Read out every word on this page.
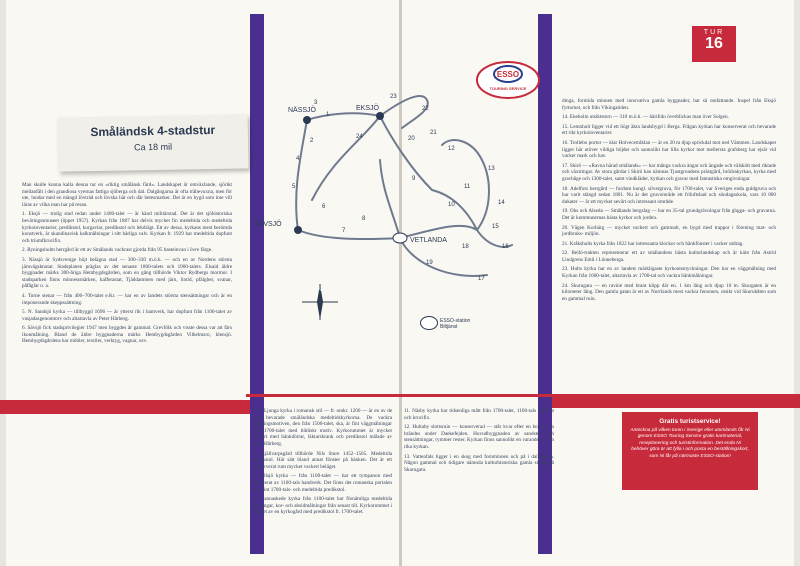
Småländsk 4-stadstur
Ca 18 mil
TUR
16
ESSO
TOURING SERVICE
NÄSSJÖ	EKSJÖ
SÄVSJÖ
VETLANDA
3
1
2
4
5
6
7
8
9
10
11
12
13
14
15
16
17
18
19
20
21
22
23
24
N
ESSO-station
Biltjänst

Man skulle kunna kalla denna tur en »riktig smålänsk färd». Landskapet är omväxlande, sjörikt mellanfält i den grandiosa vyernas fattiga sjöberga och dal. Dalgångarna är ofta träbevuxna, men för ute, lundar med en mängd lövträd och lövska här och där betesmarker. Det är en bygd som inte vill läras av vilka man har på resan.

1. Eksjö — trolig stad redan under 1400-talet — är känd militärstad. Det är det sjöhistoriska beväringssmuseet (öppet 1957). Kyrkan från 1887 har delvis mycket fin medeltida och medeltida kyrkoinventarier, predikstol, korgavlar, predikstol och lekdrägt. Ett av dessa, kyrkans mest berömda konstverk, är skandinavisk kalkmålningar i sitt härliga valv. Kyrkan fr. 1929 har medeltida dopfunt och triumfkrucifix.

2. Ryningsholm herrgård är ett av Smålands vackrast gjorda från 95 basteinvan i övre färge.

3. Nässjö är Sydsvenige höjt belägna stad — 300–330 m.ö.h. — och en av Nordens största järnvägsknutar. Stadsplanen präglas av det senaste 1800-talets och 1900-talets. Elsaid äldre byggnader märks 300-åriga Hembygdsgården, som en gång tillhörde Viktor Rydbergs mormor. I stadsparken finns minnessmärken, kafferastat, Tjäddammen med järn, lintid, pfälgber, svanar, påfåglar o. a.

4. Torne stenar — från 400–700-talet e.Kr. — har en av landets största stensättningar och är en imponerande skeppssättning.

5. N. Sandsjö kyrka — tillbyggd 1696 — är ytterst rik i hantverk, har dopfunt från 1100-talet av vasjadasgenomtorv och altartavla av Peter Hårberg.

6. Sävsjö fick stadsprivilegier 1947 men byggdes år gammal. Grevfölk och visste dessa var att färs ikonmålning. Bland de äldre byggnaderna märks Hembygdsgården Vilhelmsro, klensjö. Hembygdsgårdens har möbler, textiler, verktyg, vagnar, osv.

7. N. Ljunga kyrka i romansk stil — fr. omkr. 1200 — är en av de bäst bevarade smäländska medeltidskyrkorna. De vackra vandringsmotiven, den från 1500-talet, ska, är fint väggmålningar från 1700-talet med bibliskt motiv. Kyrkorummet är mycket vackert med bänkdörrar, läktarskrank och predikstol målade av Peter Hårberg.

8. Skjällvarpsgård tillhörde Nils Sture 1452–1505. Medeltida predikstol. Här sätt bland annat fönster på bänken. Det är ett konserverat rum mycket vackert beläget.

9. Vallsjö kyrka — från 1100-talet — har ett tympanon med skulpterat av 1100-tals handverk. Det finns det romanska portalen med fint 1700-tals- och medeltida predikstol.

10. Lannaskede kyrka från 1100-talet har förnämliga medeltida målningar, kor- och absidmålningar från senast till. Kyrkorummet i beläget av en kyrkogård med predikstol fr. 1700-talet.

11. Näsby kyrka har tidsenliga mått från 1700-talet, 1100-tals dopfunt och krucifix.

12. Hultaby slottsruin — konserverad — står kvar efter en borg, som brändes under Daekefejden. Huvudbyggnaden av sandsten och stensättningar, rymmer rester. Kyrkan finns sannolikt en varande av den rika kyrkan.

13. Vattenfals ligger i en skog med fornminnen och på i dalgången. Någon gammal och tidigare nämnda kulturhistoriska gamla stenar på Skurugata.

dinga, forntida minnen med innovativa gamla byggnader, har så omfattande. Inspel från Eksjö fyrtornet, och från Vikingatiden.

14. Ekeholm utsiktstorn — 310 m.ö.h. — härifrån överblickas man över Solgen.

15. Lemnhult ligger vid ett högt äkta landsbygd i Berga. Frågan kyrkan har konserverat och bevarade ett rikt kyrkoinventarier.

16. Trollebo portor — klar Holvecemlklan — är en 20 m djup sprickdal mot ned Vämmen. Landskapet ligger här utöver vildiga höjder och sannolikt har lilla kyrkor mot mellersta grafsberg har ejsär vid vacker mark och hav.

17. Skirö — »Ravna härad smålands» — har många vackra ängar och ängade och välskött med riktade och växtringar. Av stora gårdar i Skirö kan nämnas Tjustgrundens prästgård, brödrakyrkan, kyrka med gravbåge och 1300-talet, samt vindkläder, kyrkan och gravar med fantastiska omgivningar.

18. Adelfors herrgård — fordom kungl. silvergruva, för 1700-talet, var Sveriges enda guldgruva och har varit stängd sedan 1801. Nu är det gruvområde ett friluftsbad och söndagsskola, vars 10 800 dukater — är ett mycket sevärt och intressant område.

19. Ohs och Alseda — Smålands bergslag — har en 35-tal grundgrävningar från ghgga- och gravarna. Det är kommunernas bästa kyrkor och jorden.

20. Vägen Korbärg — mycket vackert och gammalt, en bygd med trappor i förening mat- och jordbruks- miljön.

21. Kråkshults kyrka från 1822 har intressanta klockor och bänkfönster i vacker utdrag.

22. Bellö-trakten representerar ett av smålandens bästa kulturlandskap och är känt från Astrid Lindgrens Emil i Lönneberga.

23. Hults kyrka har en av landets märkligaste kyrkoutsmyckningar. Den har en väggmålning med Kyrkan från 1600-talet, altartavla av 1700-tal och vackra bänkmålningar.

24. Skurugata — en raviné med brant klipp där en. 1 km lång och djup 10 m. Skurgaten är en kilometer lång. Den gamla gatan är ett av Norrlands mest vackra fenomen, utsikt vid Skurubåten som en gammal ruin.

Gratis turistservice!
Anteckna på vilken turen i Sverige eller utomlands får Ni genom ESSO Touring Service gratis kartmaterial, reseplanering och turistinformation. Det enda Ni behöver göra är att fylla i och posta en beställningskort, som Ni får på närmaste ESSO-station!
